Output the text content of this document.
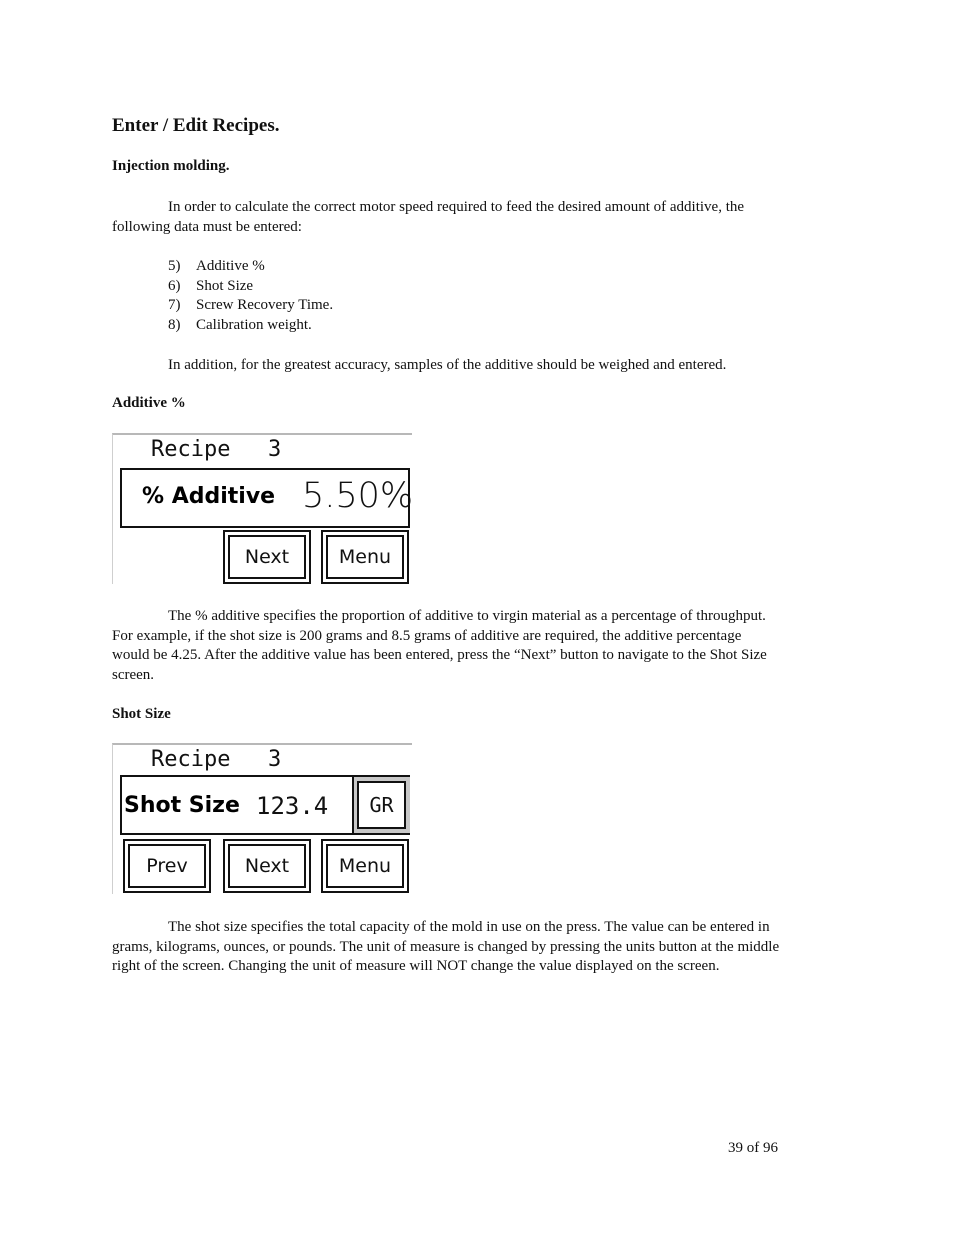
Enter / Edit Recipes.
Injection molding.
In order to calculate the correct motor speed required to feed the desired amount of additive, the
following data must be entered:
5) Additive %
6) Shot Size
7) Screw Recovery Time.
8) Calibration weight.
In addition, for the greatest accuracy, samples of the additive should be weighed and entered.
Additive %
Recipe 3
% Additive 5.50%
Next	Menu
The % additive specifies the proportion of additive to virgin material as a percentage of throughput.
For example, if the shot size is 200 grams and 8.5 grams of additive are required, the additive percentage
would be 4.25. After the additive value has been entered, press the “Next” button to navigate to the Shot Size
screen.
Shot Size
Recipe 3
Shot Size 123.4	GR
Prev	Next	Menu
The shot size specifies the total capacity of the mold in use on the press. The value can be entered in
grams, kilograms, ounces, or pounds. The unit of measure is changed by pressing the units button at the middle
right of the screen. Changing the unit of measure will NOT change the value displayed on the screen.
39 of 96
